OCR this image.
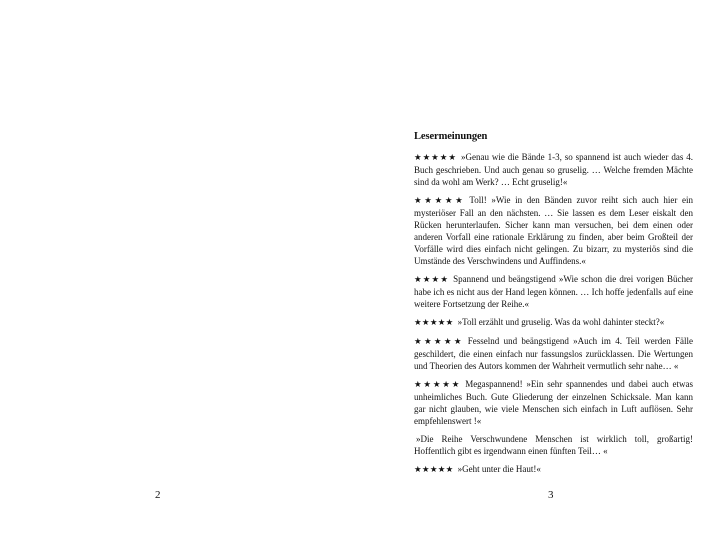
2
Lesermeinungen

★★★★★ »Genau wie die Bände 1-3, so spannend ist auch wieder das 4. Buch geschrieben. Und auch genau so gruselig. … Welche fremden Mächte sind da wohl am Werk? … Echt gruselig!«

★★★★★ Toll! »Wie in den Bänden zuvor reiht sich auch hier ein mysteriöser Fall an den nächsten. … Sie lassen es dem Leser eiskalt den Rücken herunterlaufen. Sicher kann man versuchen, bei dem einen oder anderen Vorfall eine rationale Erklärung zu finden, aber beim Großteil der Vorfälle wird dies einfach nicht gelingen. Zu bizarr, zu mysteriös sind die Umstände des Verschwindens und Auffindens.«

★★★★ Spannend und beängstigend »Wie schon die drei vorigen Bücher habe ich es nicht aus der Hand legen können. … Ich hoffe jedenfalls auf eine weitere Fortsetzung der Reihe.«

★★★★★ »Toll erzählt und gruselig. Was da wohl dahinter steckt?«

★★★★★ Fesselnd und beängstigend »Auch im 4. Teil werden Fälle geschildert, die einen einfach nur fassungslos zurücklassen. Die Wertungen und Theorien des Autors kommen der Wahrheit vermutlich sehr nahe… «

★★★★★ Megaspannend! »Ein sehr spannendes und dabei auch etwas unheimliches Buch. Gute Gliederung der einzelnen Schicksale. Man kann gar nicht glauben, wie viele Menschen sich einfach in Luft auflösen. Sehr empfehlenswert !«

»Die Reihe Verschwundene Menschen ist wirklich toll, großartig! Hoffentlich gibt es irgendwann einen fünften Teil… «

★★★★★ »Geht unter die Haut!«

3
